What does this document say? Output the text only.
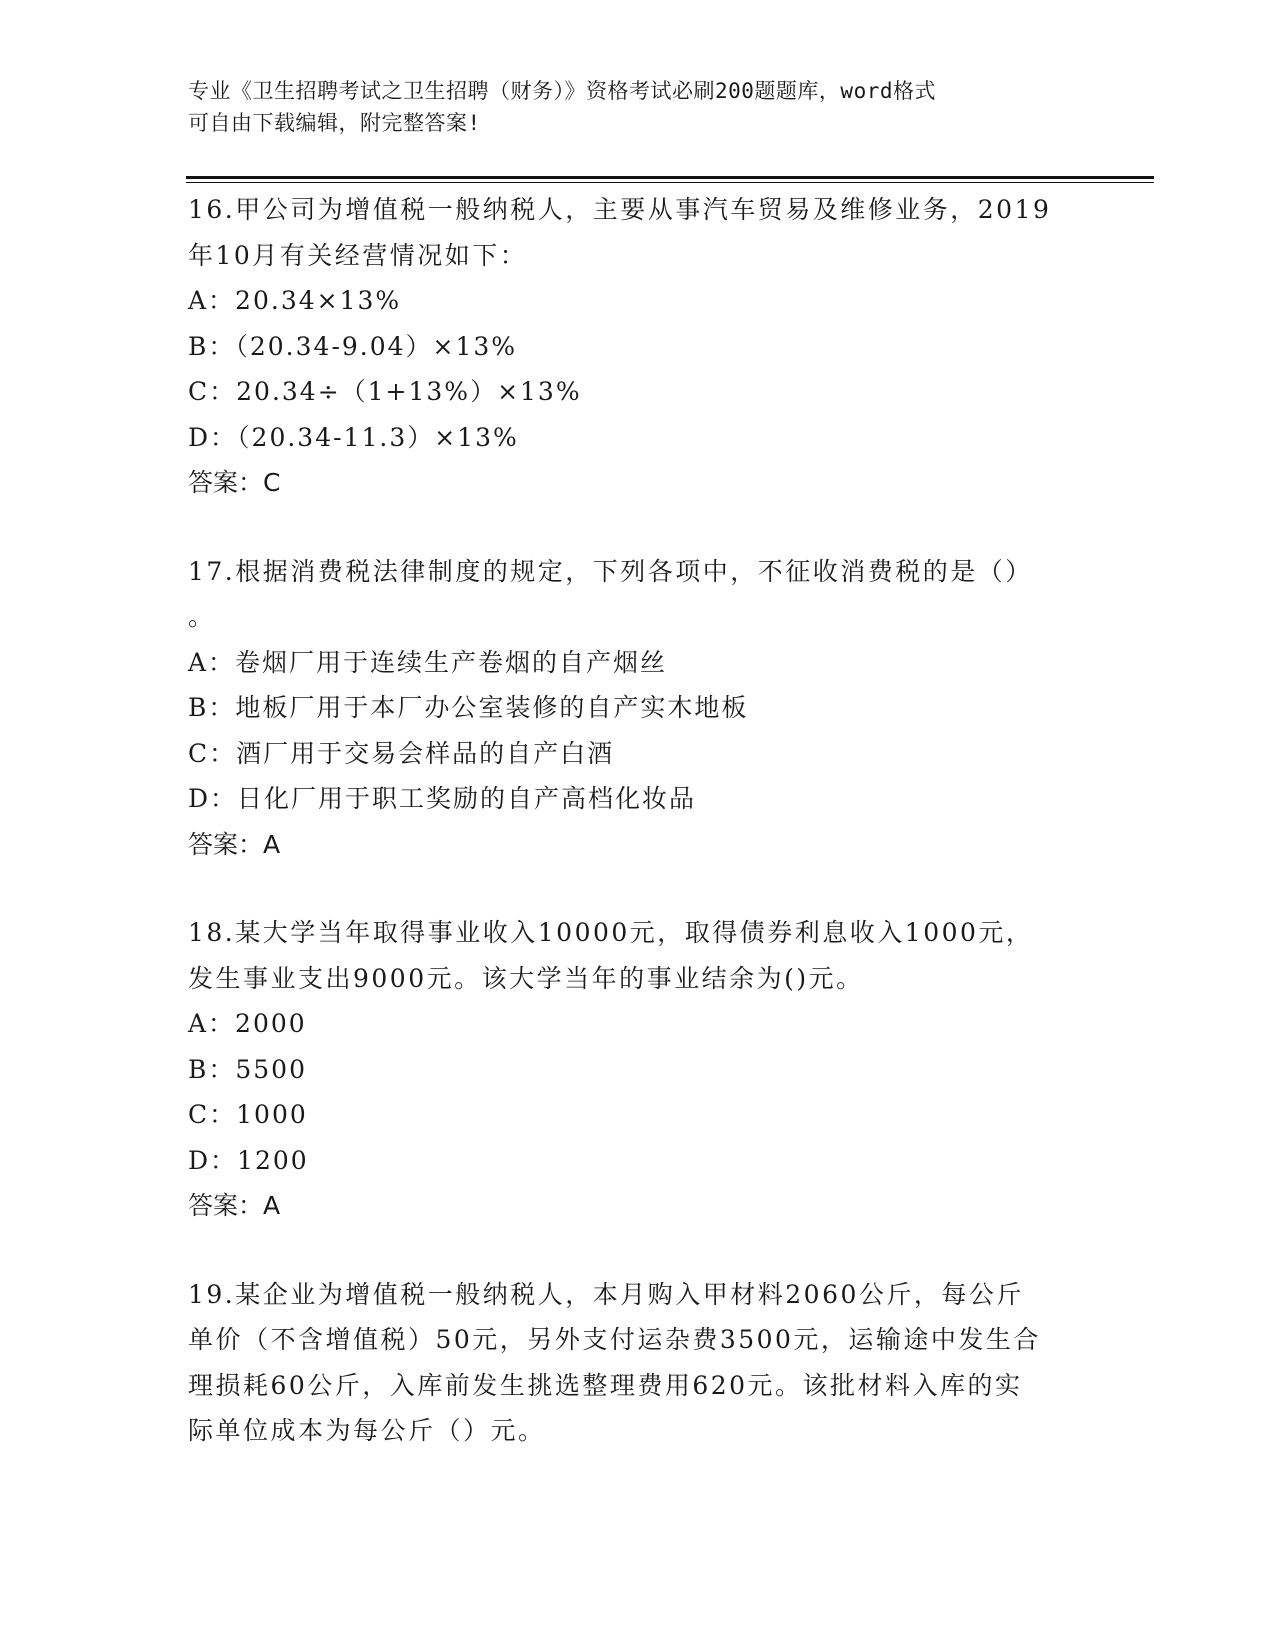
专业《卫生招聘考试之卫生招聘（财务）》资格考试必刷200题题库，word格式

可自由下载编辑，附完整答案!

16.甲公司为增值税一般纳税人，主要从事汽车贸易及维修业务，2019

年10月有关经营情况如下：

A：20.34×13%

B：（20.34-9.04）×13%

C：20.34÷（1+13%）×13%

D：（20.34-11.3）×13%

答案：C

17.根据消费税法律制度的规定，下列各项中，不征收消费税的是（）

。

A：卷烟厂用于连续生产卷烟的自产烟丝

B：地板厂用于本厂办公室装修的自产实木地板

C：酒厂用于交易会样品的自产白酒

D：日化厂用于职工奖励的自产高档化妆品

答案：A

18.某大学当年取得事业收入10000元，取得债券利息收入1000元，

发生事业支出9000元。该大学当年的事业结余为()元。

A：2000

B：5500

C：1000

D：1200

答案：A

19.某企业为增值税一般纳税人，本月购入甲材料2060公斤，每公斤

单价（不含增值税）50元，另外支付运杂费3500元，运输途中发生合

理损耗60公斤，入库前发生挑选整理费用620元。该批材料入库的实

际单位成本为每公斤（）元。
